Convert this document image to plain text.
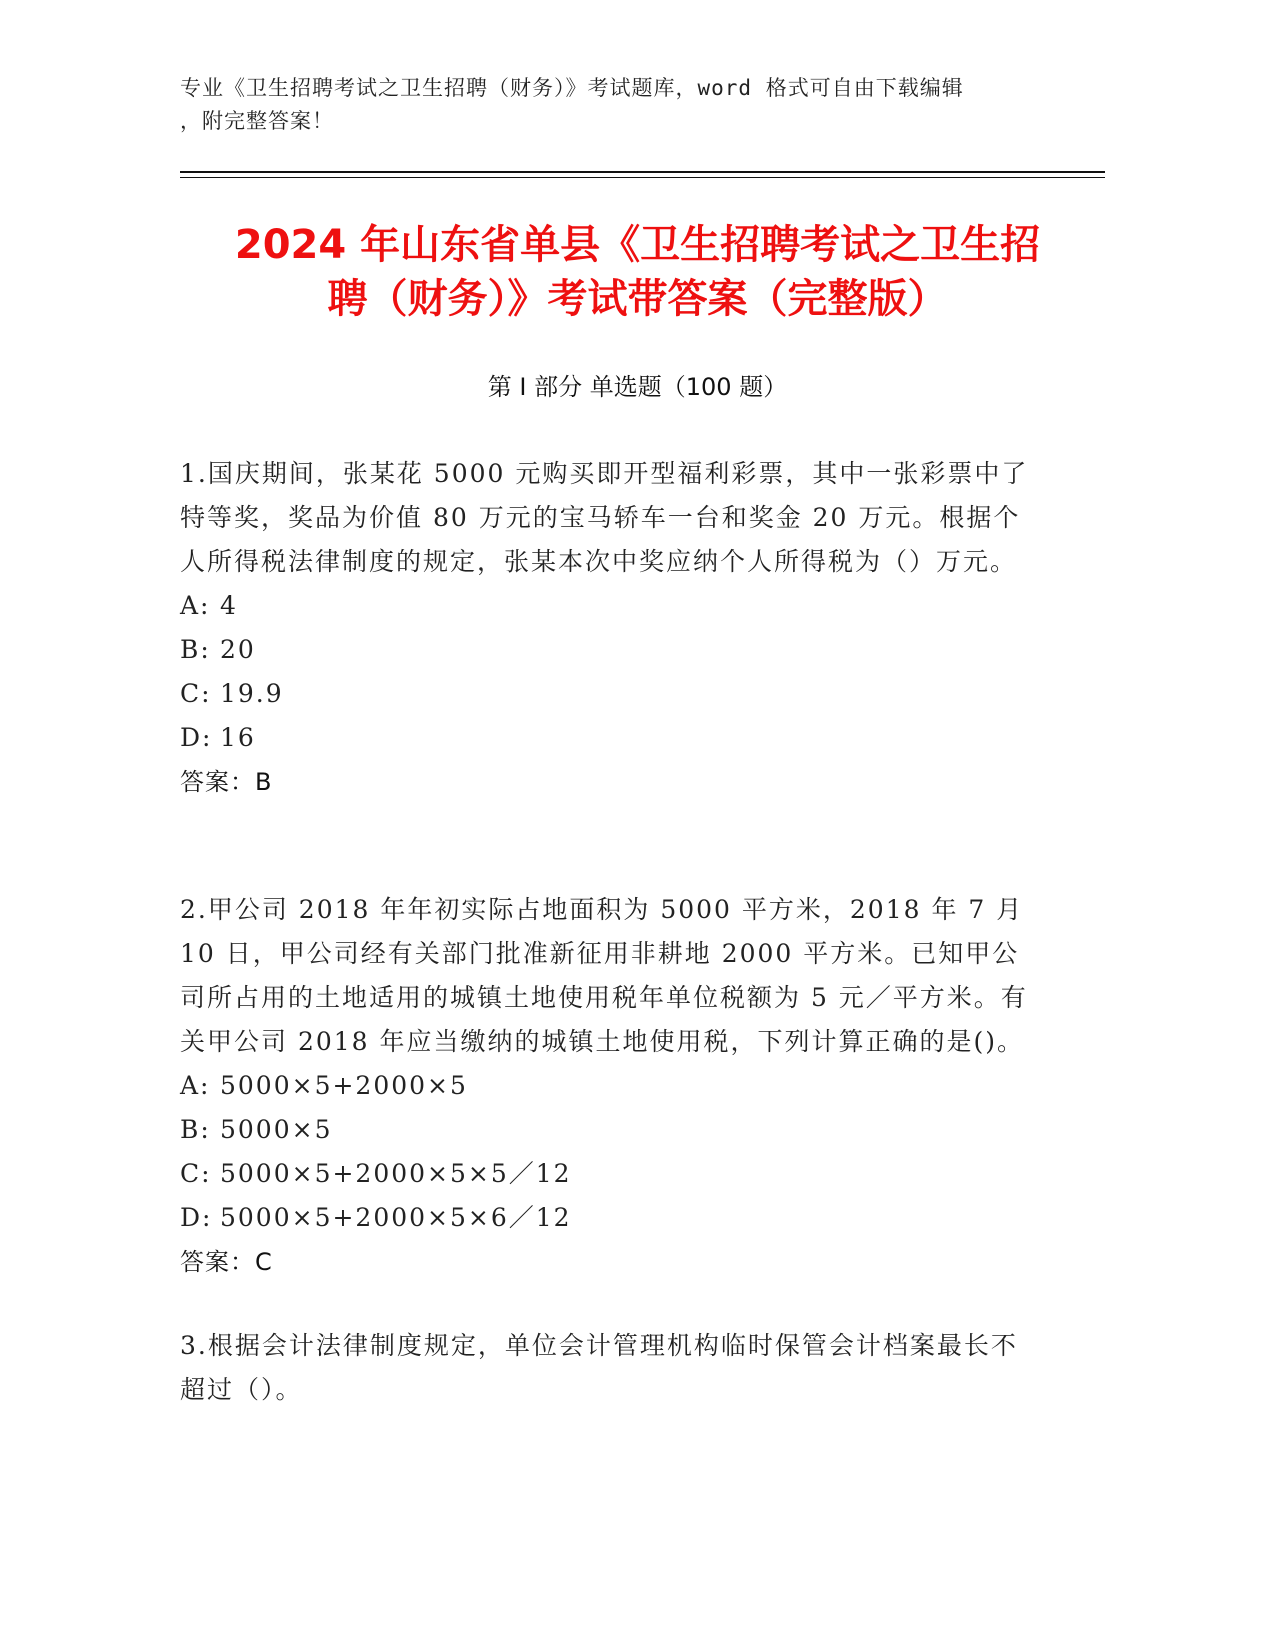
专业《卫生招聘考试之卫生招聘（财务）》考试题库，word 格式可自由下载编辑
，附完整答案！
2024 年山东省单县《卫生招聘考试之卫生招
聘（财务）》考试带答案（完整版）
第 I 部分 单选题（100 题）

1.国庆期间，张某花 5000 元购买即开型福利彩票，其中一张彩票中了特等奖，奖品为价值 80 万元的宝马轿车一台和奖金 20 万元。根据个人所得税法律制度的规定，张某本次中奖应纳个人所得税为（）万元。

A: 4

B: 20

C: 19.9

D: 16

答案：B

2.甲公司 2018 年年初实际占地面积为 5000 平方米，2018 年 7 月 10 日，甲公司经有关部门批准新征用非耕地 2000 平方米。已知甲公司所占用的土地适用的城镇土地使用税年单位税额为 5 元／平方米。有关甲公司 2018 年应当缴纳的城镇土地使用税，下列计算正确的是()。

A: 5000×5+2000×5

B: 5000×5

C: 5000×5+2000×5×5／12

D: 5000×5+2000×5×6／12

答案：C

3.根据会计法律制度规定，单位会计管理机构临时保管会计档案最长不超过（）。
